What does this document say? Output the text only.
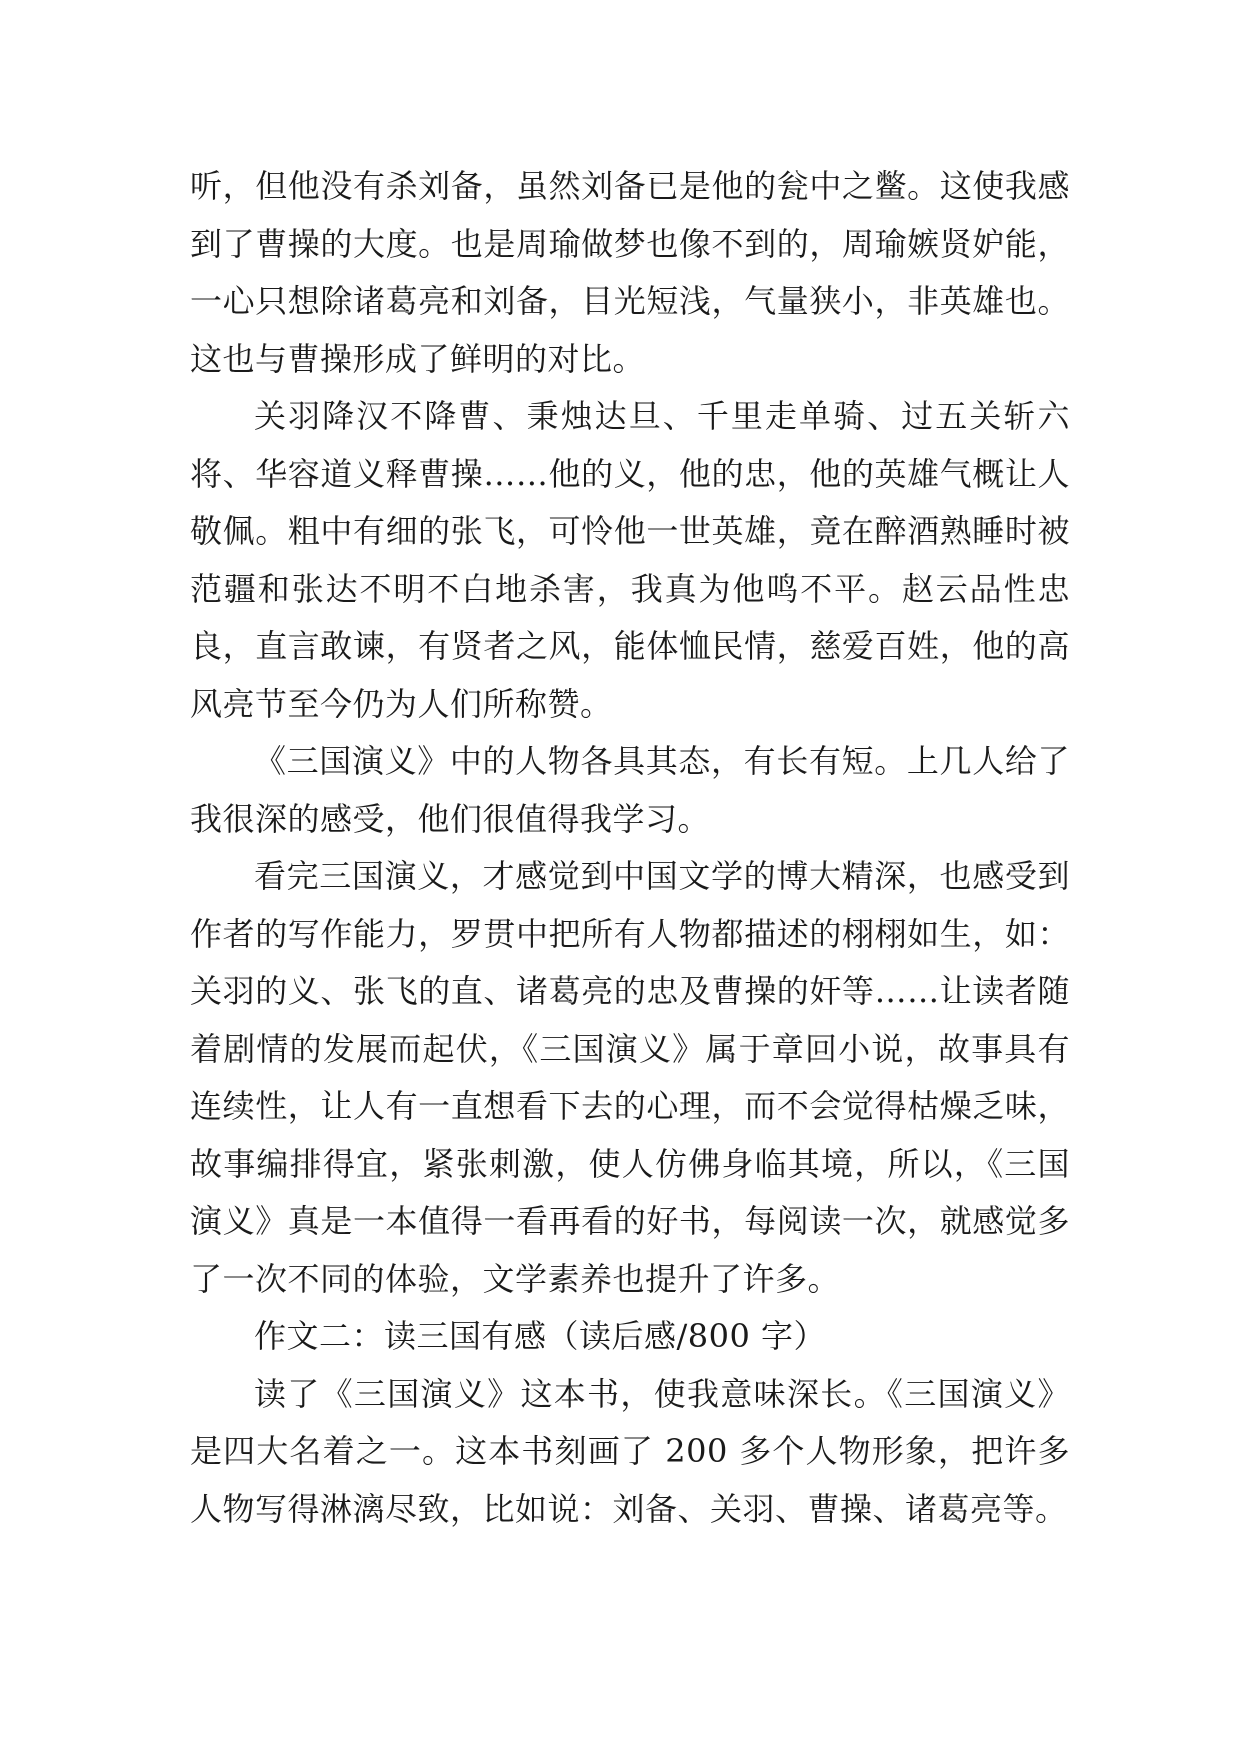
听，但他没有杀刘备，虽然刘备已是他的瓮中之鳖。这使我感到了曹操的大度。也是周瑜做梦也像不到的，周瑜嫉贤妒能，一心只想除诸葛亮和刘备，目光短浅，气量狭小，非英雄也。这也与曹操形成了鲜明的对比。

关羽降汉不降曹、秉烛达旦、千里走单骑、过五关斩六将、华容道义释曹操……他的义，他的忠，他的英雄气概让人敬佩。粗中有细的张飞，可怜他一世英雄，竟在醉酒熟睡时被范疆和张达不明不白地杀害，我真为他鸣不平。赵云品性忠良，直言敢谏，有贤者之风，能体恤民情，慈爱百姓，他的高风亮节至今仍为人们所称赞。

《三国演义》中的人物各具其态，有长有短。上几人给了我很深的感受，他们很值得我学习。

看完三国演义，才感觉到中国文学的博大精深，也感受到作者的写作能力，罗贯中把所有人物都描述的栩栩如生，如：关羽的义、张飞的直、诸葛亮的忠及曹操的奸等……让读者随着剧情的发展而起伏，《三国演义》属于章回小说，故事具有连续性，让人有一直想看下去的心理，而不会觉得枯燥乏味，故事编排得宜，紧张刺激，使人仿佛身临其境，所以，《三国演义》真是一本值得一看再看的好书，每阅读一次，就感觉多了一次不同的体验，文学素养也提升了许多。

作文二：读三国有感（读后感/800 字）

读了《三国演义》这本书，使我意味深长。《三国演义》是四大名着之一。这本书刻画了 200 多个人物形象，把许多人物写得淋漓尽致，比如说：刘备、关羽、曹操、诸葛亮等。
